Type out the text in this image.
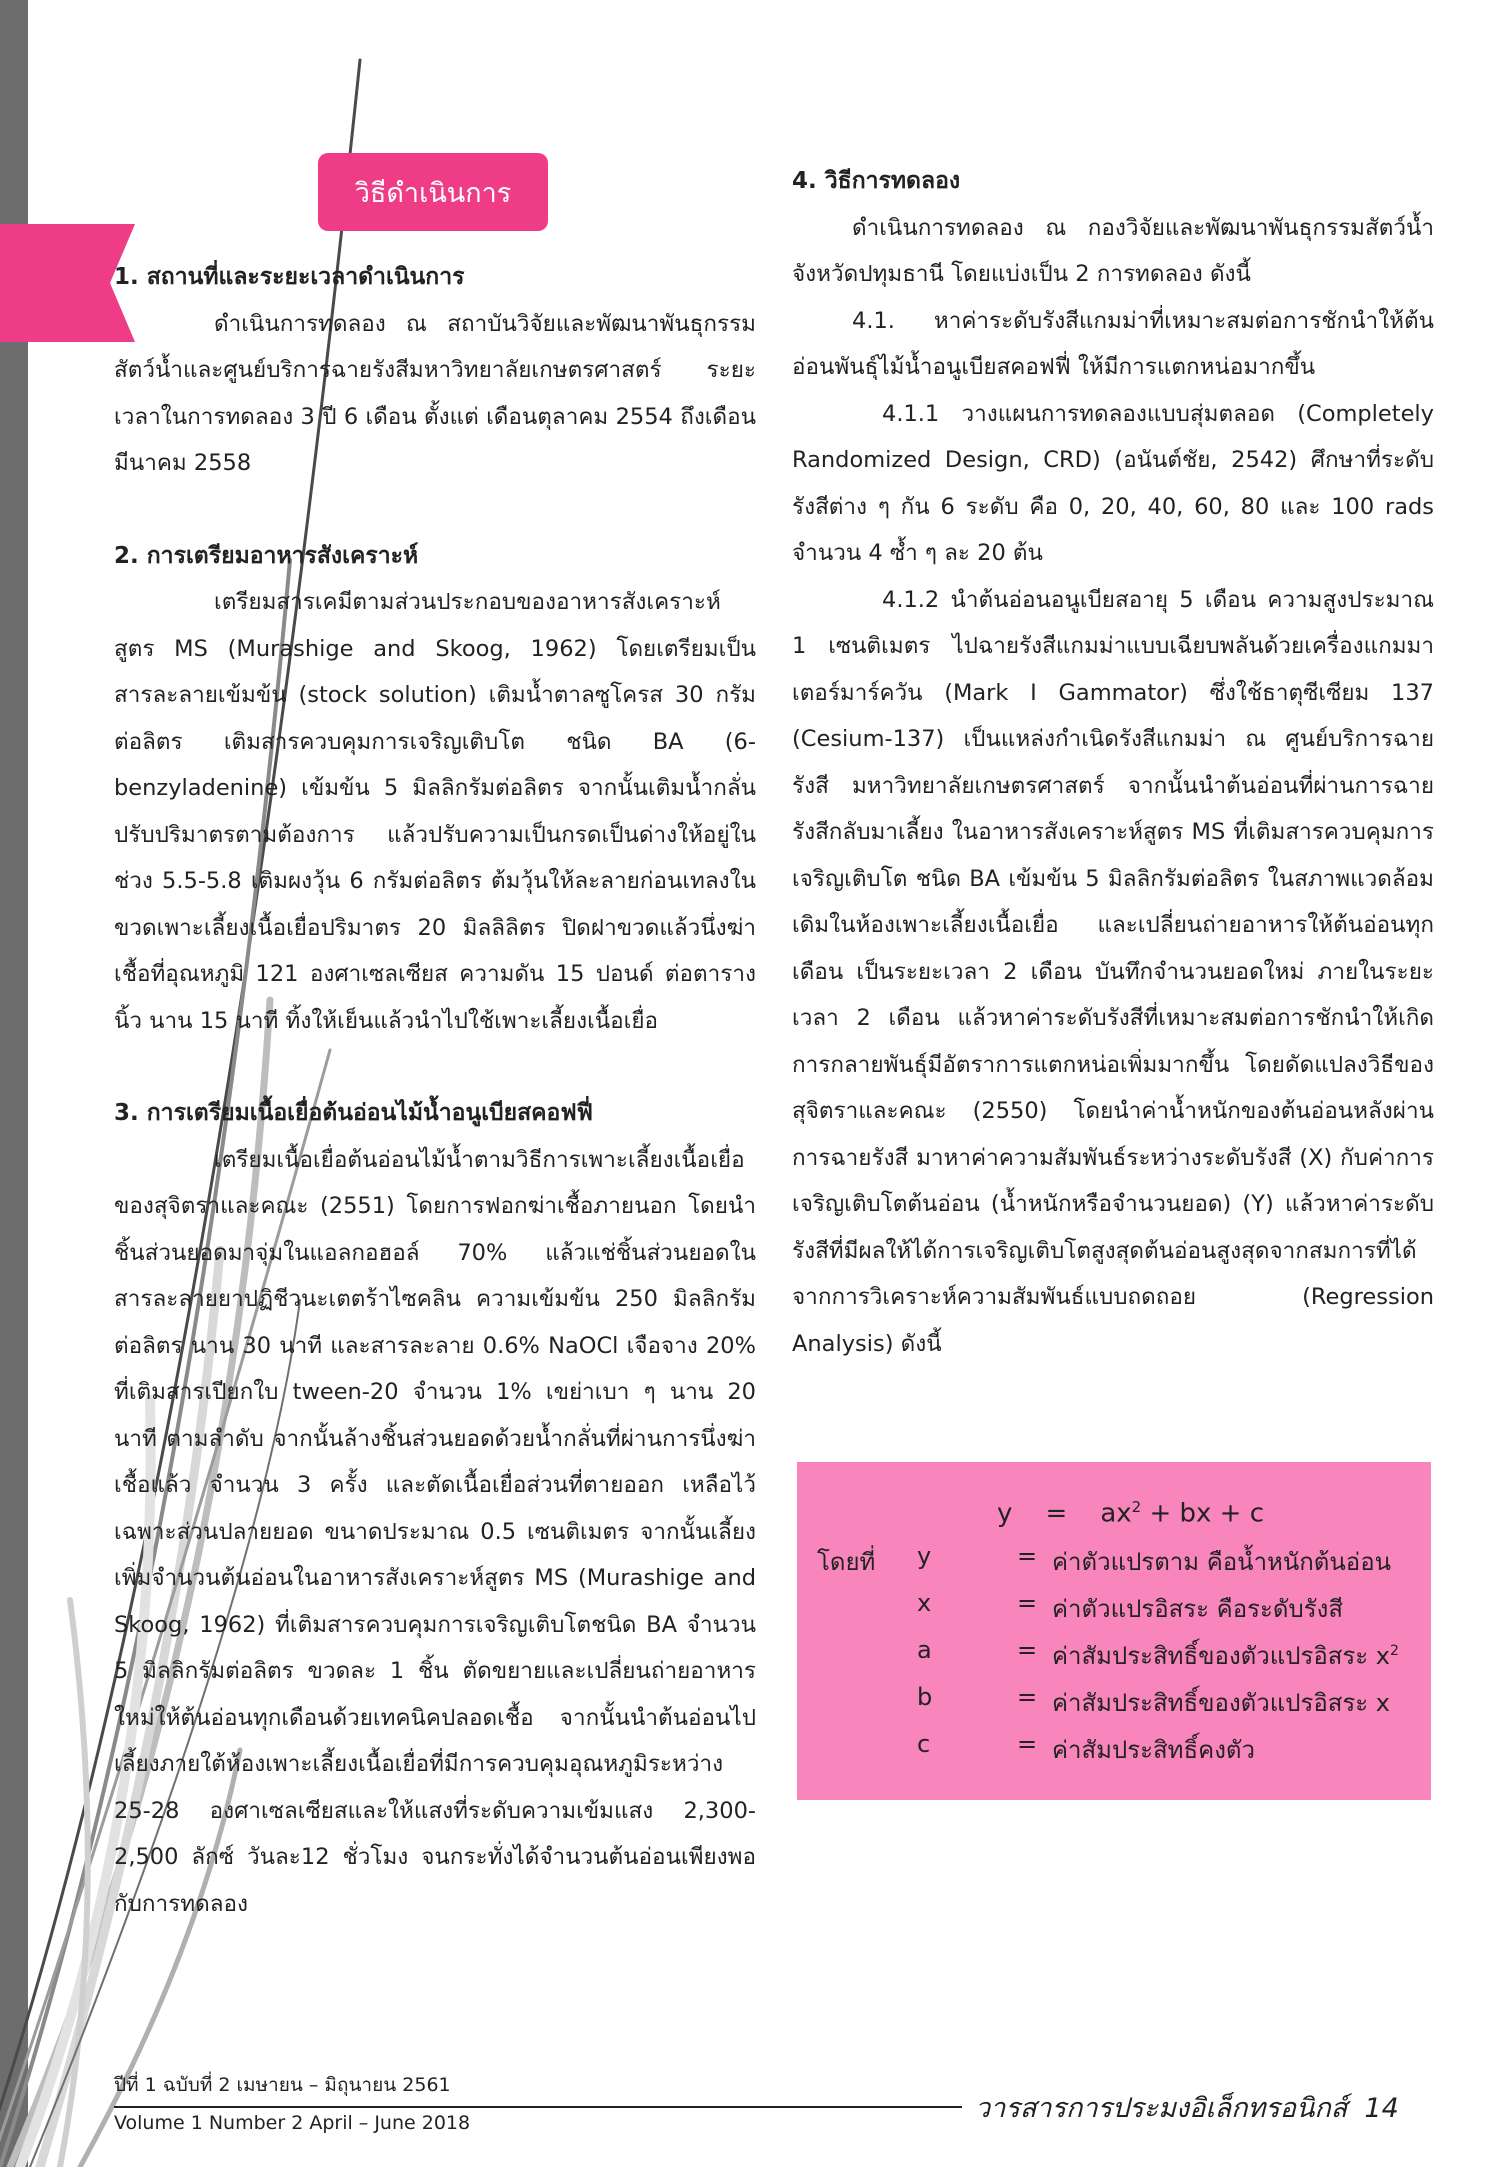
วิธีดำเนินการ
1. สถานที่และระยะเวลาดำเนินการ

ดำเนินการทดลอง ณ สถาบันวิจัยและพัฒนาพันธุกรรมสัตว์น้ำและศูนย์บริการฉายรังสีมหาวิทยาลัยเกษตรศาสตร์ ระยะเวลาในการทดลอง 3 ปี 6 เดือน ตั้งแต่ เดือนตุลาคม 2554 ถึงเดือนมีนาคม 2558

2. การเตรียมอาหารสังเคราะห์

เตรียมสารเคมีตามส่วนประกอบของอาหารสังเคราะห์ สูตร MS (Murashige and Skoog, 1962) โดยเตรียมเป็นสารละลายเข้มข้น (stock solution) เติมน้ำตาลซูโครส 30 กรัมต่อลิตร เติมสารควบคุมการเจริญเติบโต ชนิด BA (6-benzyladenine) เข้มข้น 5 มิลลิกรัมต่อลิตร จากนั้นเติมน้ำกลั่น ปรับปริมาตรตามต้องการ แล้วปรับความเป็นกรดเป็นด่างให้อยู่ในช่วง 5.5-5.8 เติมผงวุ้น 6 กรัมต่อลิตร ต้มวุ้นให้ละลายก่อนเทลงในขวดเพาะเลี้ยงเนื้อเยื่อปริมาตร 20 มิลลิลิตร ปิดฝาขวดแล้วนึ่งฆ่าเชื้อที่อุณหภูมิ 121 องศาเซลเซียส ความดัน 15 ปอนด์ ต่อตารางนิ้ว นาน 15 นาที ทิ้งให้เย็นแล้วนำไปใช้เพาะเลี้ยงเนื้อเยื่อ

3. การเตรียมเนื้อเยื่อต้นอ่อนไม้น้ำอนูเบียสคอฟฟี่

เตรียมเนื้อเยื่อต้นอ่อนไม้น้ำตามวิธีการเพาะเลี้ยงเนื้อเยื่อของสุจิตราและคณะ (2551) โดยการฟอกฆ่าเชื้อภายนอก โดยนำชิ้นส่วนยอดมาจุ่มในแอลกอฮอล์ 70% แล้วแช่ชิ้นส่วนยอดในสารละลายยาปฏิชีวนะเตตร้าไซคลิน ความเข้มข้น 250 มิลลิกรัมต่อลิตร นาน 30 นาที และสารละลาย 0.6% NaOCl เจือจาง 20% ที่เติมสารเปียกใบ tween-20 จำนวน 1% เขย่าเบา ๆ นาน 20 นาที ตามลำดับ จากนั้นล้างชิ้นส่วนยอดด้วยน้ำกลั่นที่ผ่านการนึ่งฆ่าเชื้อแล้ว จำนวน 3 ครั้ง และตัดเนื้อเยื่อส่วนที่ตายออก เหลือไว้เฉพาะส่วนปลายยอด ขนาดประมาณ 0.5 เซนติเมตร จากนั้นเลี้ยงเพิ่มจำนวนต้นอ่อนในอาหารสังเคราะห์สูตร MS (Murashige and Skoog, 1962) ที่เติมสารควบคุมการเจริญเติบโตชนิด BA จำนวน 5 มิลลิกรัมต่อลิตร ขวดละ 1 ชิ้น ตัดขยายและเปลี่ยนถ่ายอาหารใหม่ให้ต้นอ่อนทุกเดือนด้วยเทคนิคปลอดเชื้อ จากนั้นนำต้นอ่อนไปเลี้ยงภายใต้ห้องเพาะเลี้ยงเนื้อเยื่อที่มีการควบคุมอุณหภูมิระหว่าง 25-28 องศาเซลเซียสและให้แสงที่ระดับความเข้มแสง 2,300-2,500 ลักซ์ วันละ12 ชั่วโมง จนกระทั่งได้จำนวนต้นอ่อนเพียงพอกับการทดลอง

4. วิธีการทดลอง

ดำเนินการทดลอง ณ กองวิจัยและพัฒนาพันธุกรรมสัตว์น้ำ จังหวัดปทุมธานี โดยแบ่งเป็น 2 การทดลอง ดังนี้

4.1. หาค่าระดับรังสีแกมม่าที่เหมาะสมต่อการชักนำให้ต้นอ่อนพันธุ์ไม้น้ำอนูเบียสคอฟฟี่ ให้มีการแตกหน่อมากขึ้น

4.1.1 วางแผนการทดลองแบบสุ่มตลอด (Completely Randomized Design, CRD) (อนันต์ชัย, 2542) ศึกษาที่ระดับรังสีต่าง ๆ กัน 6 ระดับ คือ 0, 20, 40, 60, 80 และ 100 rads จำนวน 4 ซ้ำ ๆ ละ 20 ต้น

4.1.2 นำต้นอ่อนอนูเบียสอายุ 5 เดือน ความสูงประมาณ 1 เซนติเมตร ไปฉายรังสีแกมม่าแบบเฉียบพลันด้วยเครื่องแกมมาเตอร์มาร์ควัน (Mark I Gammator) ซึ่งใช้ธาตุซีเซียม 137 (Cesium-137) เป็นแหล่งกำเนิดรังสีแกมม่า ณ ศูนย์บริการฉายรังสี มหาวิทยาลัยเกษตรศาสตร์ จากนั้นนำต้นอ่อนที่ผ่านการฉายรังสีกลับมาเลี้ยง ในอาหารสังเคราะห์สูตร MS ที่เติมสารควบคุมการเจริญเติบโต ชนิด BA เข้มข้น 5 มิลลิกรัมต่อลิตร ในสภาพแวดล้อมเดิมในห้องเพาะเลี้ยงเนื้อเยื่อ และเปลี่ยนถ่ายอาหารให้ต้นอ่อนทุกเดือน เป็นระยะเวลา 2 เดือน บันทึกจำนวนยอดใหม่ ภายในระยะเวลา 2 เดือน แล้วหาค่าระดับรังสีที่เหมาะสมต่อการชักนำให้เกิดการกลายพันธุ์มีอัตราการแตกหน่อเพิ่มมากขึ้น โดยดัดแปลงวิธีของสุจิตราและคณะ (2550) โดยนำค่าน้ำหนักของต้นอ่อนหลังผ่านการฉายรังสี มาหาค่าความสัมพันธ์ระหว่างระดับรังสี (X) กับค่าการเจริญเติบโตต้นอ่อน (น้ำหนักหรือจำนวนยอด) (Y) แล้วหาค่าระดับรังสีที่มีผลให้ได้การเจริญเติบโตสูงสุดต้นอ่อนสูงสุดจากสมการที่ได้จากการวิเคราะห์ความสัมพันธ์แบบถดถอย (Regression Analysis) ดังนี้

$y = ax^2$ + bx + c
โดยที่ y	= ค่าตัวแปรตาม คือน้ำหนักต้นอ่อน
x	= ค่าตัวแปรอิสระ คือระดับรังสี
a	= ค่าสัมประสิทธิ์ของตัวแปรอิสระ $x^2$
b	= ค่าสัมประสิทธิ์ของตัวแปรอิสระ x
c	= ค่าสัมประสิทธิ์คงตัว
ปีที่ 1 ฉบับที่ 2 เมษายน – มิถุนายน 2561
Volume 1 Number 2 April – June 2018	วารสารการประมงอิเล็กทรอนิกส์ 14
